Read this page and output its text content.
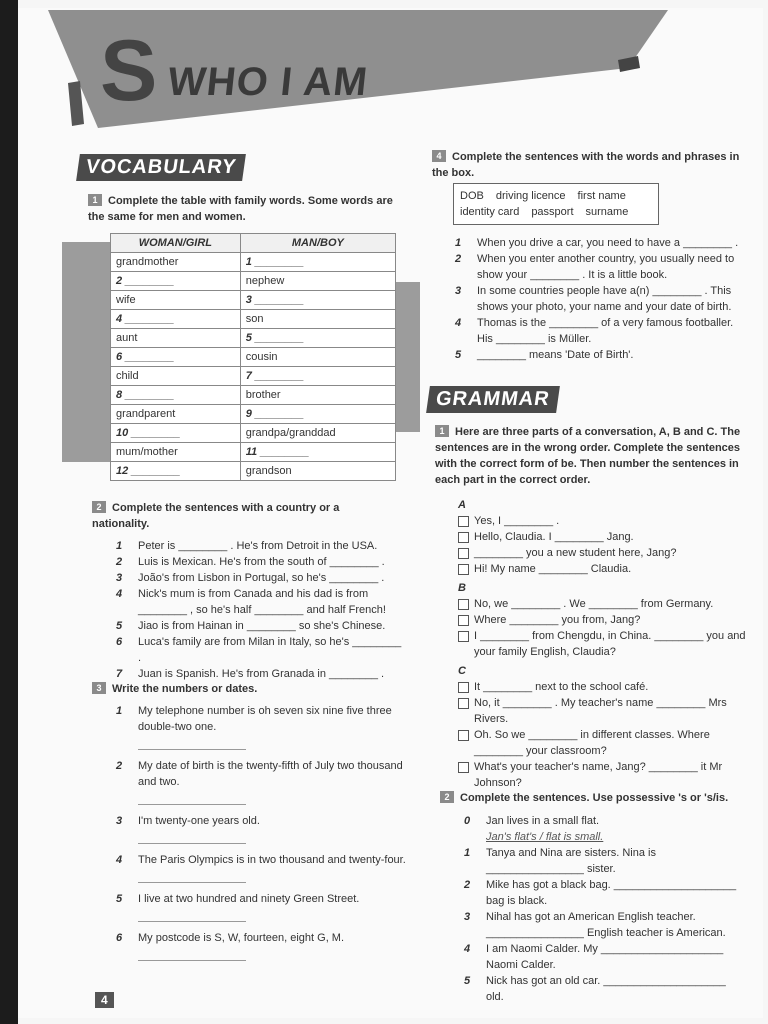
S WHO I AM
VOCABULARY
1 Complete the table with family words. Some words are the same for men and women.
WOMAN/GIRL	MAN/BOY
grandmother	1 ________
2 ________	nephew
wife	3 ________
4 ________	son
aunt	5 ________
6 ________	cousin
child	7 ________
8 ________	brother
grandparent	9 ________
10 ________	grandpa/granddad
mum/mother	11 ________
12 ________	grandson
2 Complete the sentences with a country or a nationality.
1 Peter is ________ . He's from Detroit in the USA.
2 Luis is Mexican. He's from the south of ________ .
3 João's from Lisbon in Portugal, so he's ________ .
4 Nick's mum is from Canada and his dad is from ________ , so he's half ________ and half French!
5 Jiao is from Hainan in ________ so she's Chinese.
6 Luca's family are from Milan in Italy, so he's ________ .
7 Juan is Spanish. He's from Granada in ________ .
3 Write the numbers or dates.
1 My telephone number is oh seven six nine five three double-two one.
2 My date of birth is the twenty-fifth of July two thousand and two.
3 I'm twenty-one years old.
4 The Paris Olympics is in two thousand and twenty-four.
5 I live at two hundred and ninety Green Street.
6 My postcode is S, W, fourteen, eight G, M.
4 Complete the sentences with the words and phrases in the box.
DOB driving licence first name
identity card passport surname
1 When you drive a car, you need to have a ________ .
2 When you enter another country, you usually need to show your ________ . It is a little book.
3 In some countries people have a(n) ________ . This shows your photo, your name and your date of birth.
4 Thomas is the ________ of a very famous footballer. His ________ is Müller.
5 ________ means 'Date of Birth'.
GRAMMAR
1 Here are three parts of a conversation, A, B and C. The sentences are in the wrong order. Complete the sentences with the correct form of be. Then number the sentences in each part in the correct order.
A
Yes, I ________ .
Hello, Claudia. I ________ Jang.
________ you a new student here, Jang?
Hi! My name ________ Claudia.
B
No, we ________ . We ________ from Germany.
Where ________ you from, Jang?
I ________ from Chengdu, in China. ________ you and your family English, Claudia?
C
It ________ next to the school café.
No, it ________ . My teacher's name ________ Mrs Rivers.
Oh. So we ________ in different classes. Where ________ your classroom?
What's your teacher's name, Jang? ________ it Mr Johnson?
2 Complete the sentences. Use possessive 's or 's/is.
0 Jan lives in a small flat.
Jan's flat's / flat is small.
1 Tanya and Nina are sisters. Nina is ________________ sister.
2 Mike has got a black bag. ____________________ bag is black.
3 Nihal has got an American English teacher. ________________ English teacher is American.
4 I am Naomi Calder. My ____________________ Naomi Calder.
5 Nick has got an old car. ____________________ old.
4
